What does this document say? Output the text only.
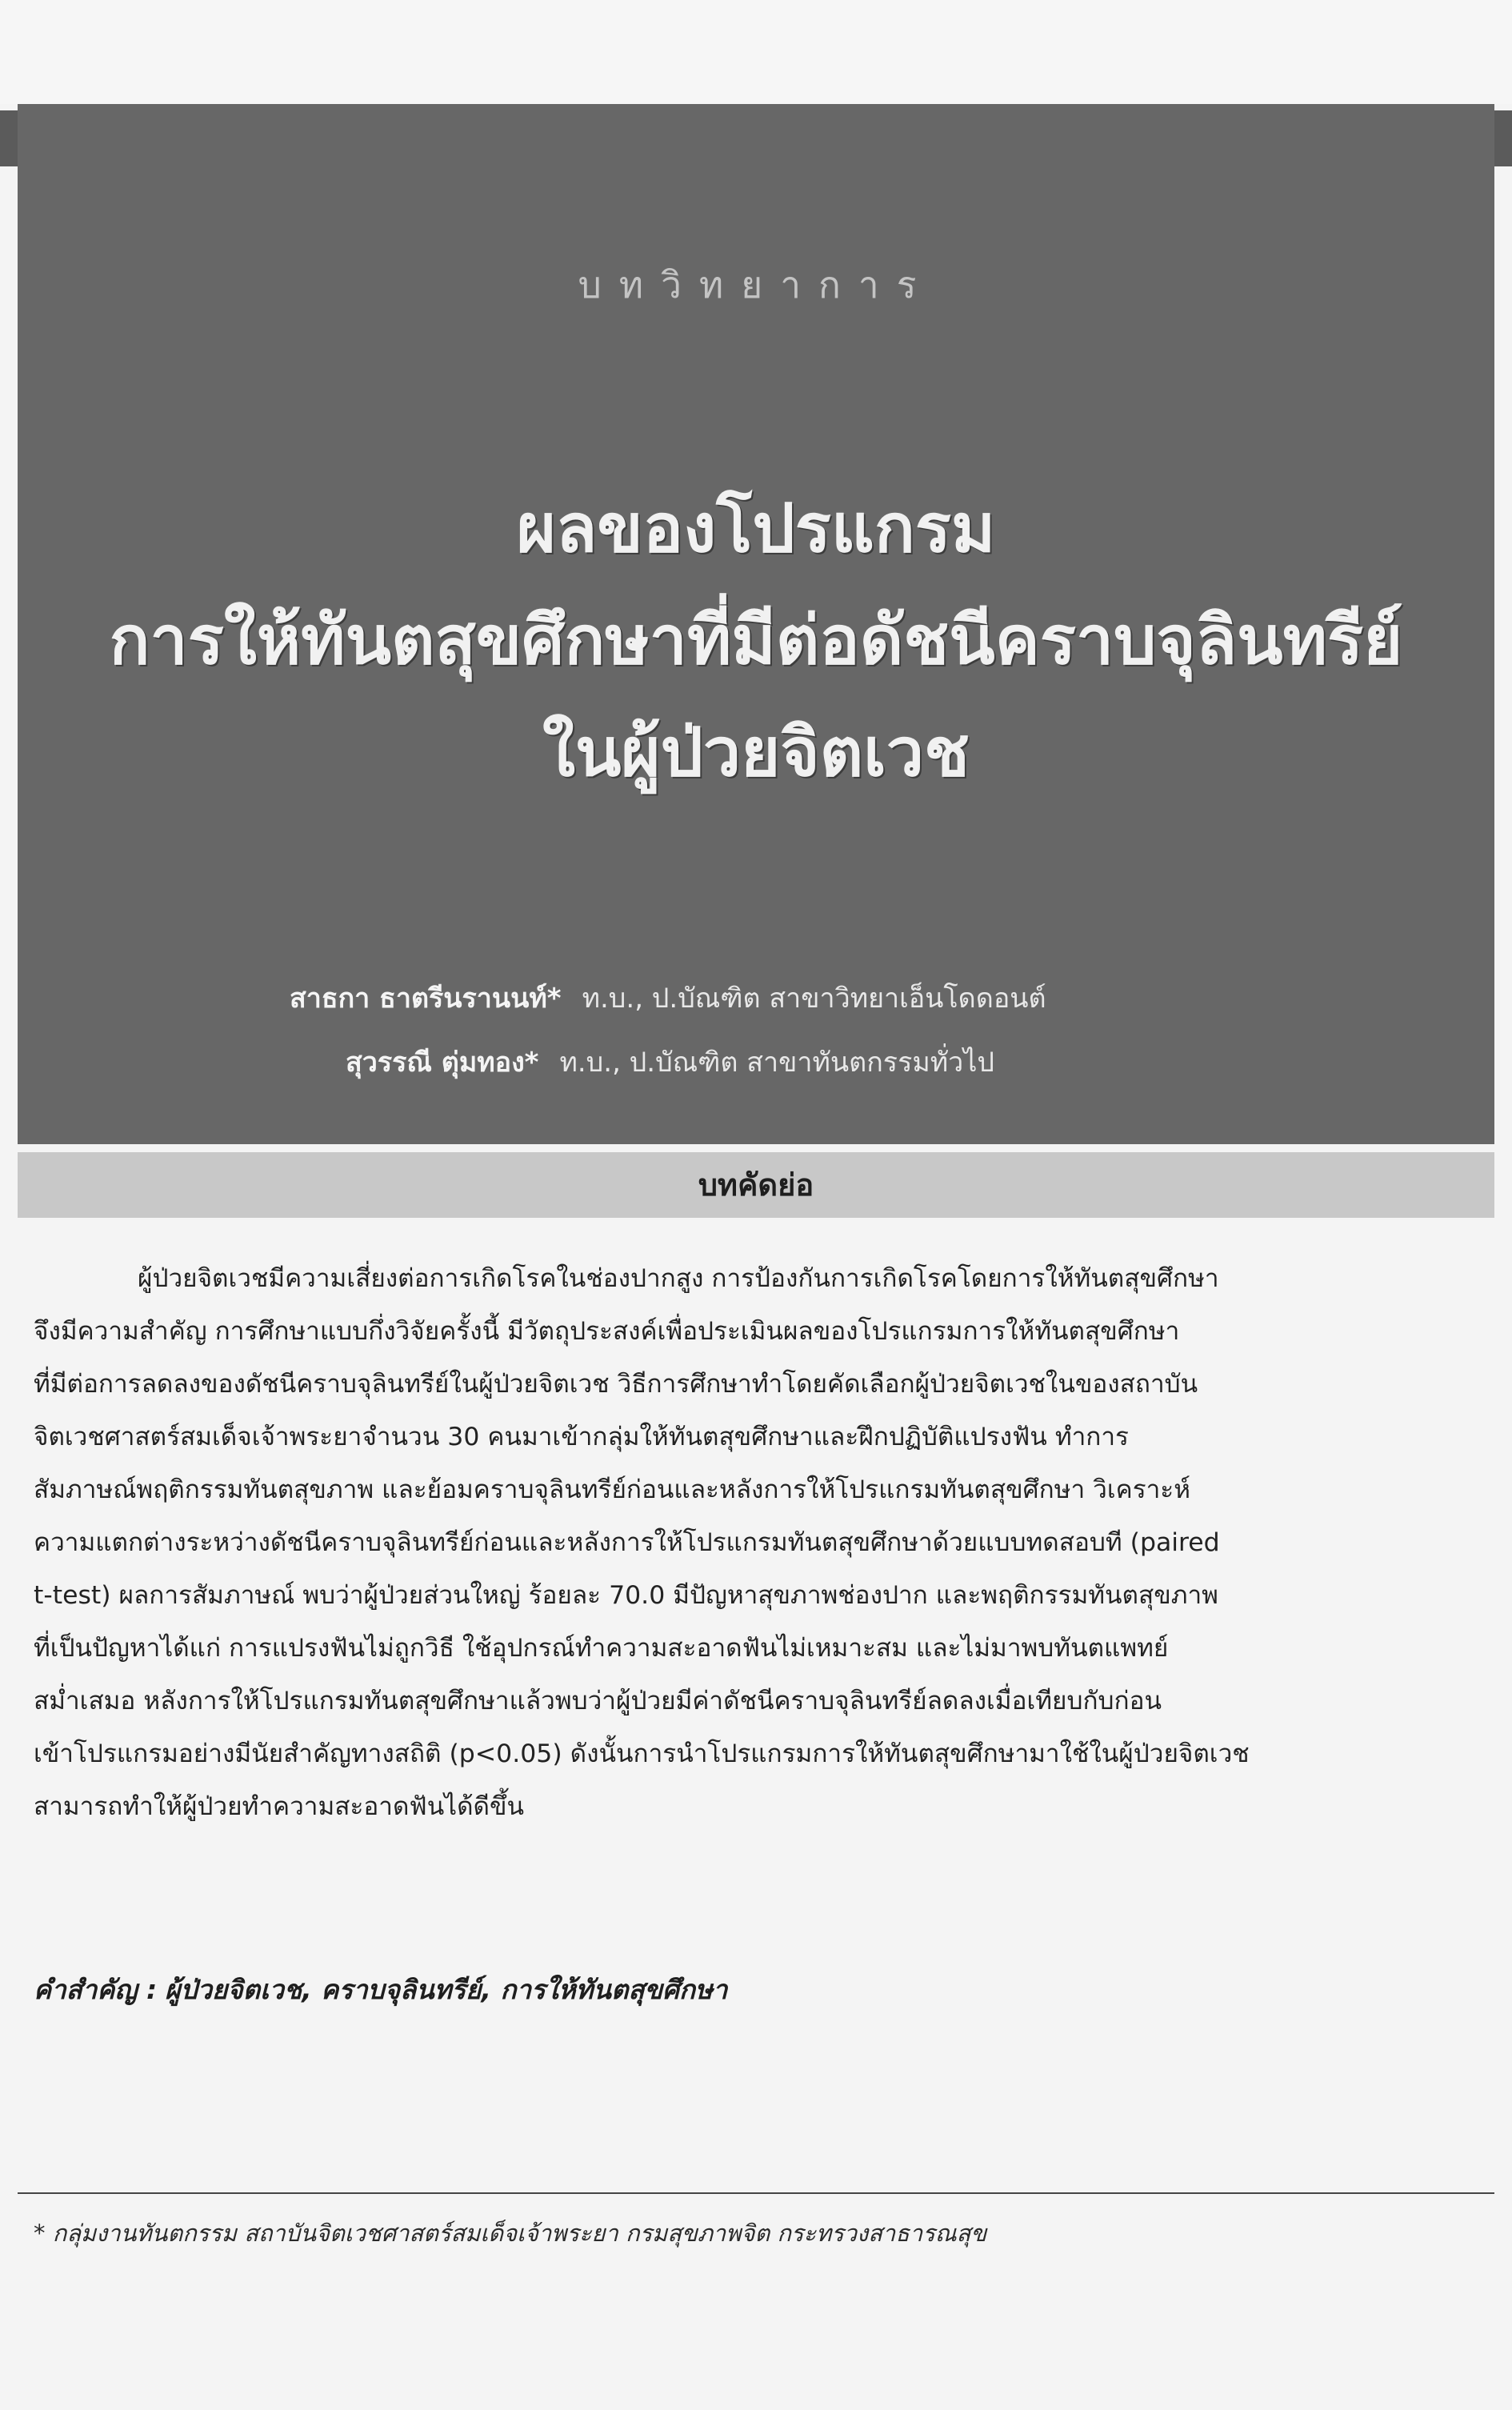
บทวิทยาการ
ผลของโปรแกรม
การให้ทันตสุขศึกษาที่มีต่อดัชนีคราบจุลินทรีย์
ในผู้ป่วยจิตเวช
สาธกา ธาตรีนรานนท์* ท.บ., ป.บัณฑิต สาขาวิทยาเอ็นโดดอนต์
สุวรรณี ตุ่มทอง* ท.บ., ป.บัณฑิต สาขาทันตกรรมทั่วไป
บทคัดย่อ
ผู้ป่วยจิตเวชมีความเสี่ยงต่อการเกิดโรคในช่องปากสูง การป้องกันการเกิดโรคโดยการให้ทันตสุขศึกษา
จึงมีความสำคัญ การศึกษาแบบกึ่งวิจัยครั้งนี้ มีวัตถุประสงค์เพื่อประเมินผลของโปรแกรมการให้ทันตสุขศึกษา
ที่มีต่อการลดลงของดัชนีคราบจุลินทรีย์ในผู้ป่วยจิตเวช วิธีการศึกษาทำโดยคัดเลือกผู้ป่วยจิตเวชในของสถาบัน
จิตเวชศาสตร์สมเด็จเจ้าพระยาจำนวน 30 คนมาเข้ากลุ่มให้ทันตสุขศึกษาและฝึกปฏิบัติแปรงฟัน ทำการ
สัมภาษณ์พฤติกรรมทันตสุขภาพ และย้อมคราบจุลินทรีย์ก่อนและหลังการให้โปรแกรมทันตสุขศึกษา วิเคราะห์
ความแตกต่างระหว่างดัชนีคราบจุลินทรีย์ก่อนและหลังการให้โปรแกรมทันตสุขศึกษาด้วยแบบทดสอบที (paired
t-test) ผลการสัมภาษณ์ พบว่าผู้ป่วยส่วนใหญ่ ร้อยละ 70.0 มีปัญหาสุขภาพช่องปาก และพฤติกรรมทันตสุขภาพ
ที่เป็นปัญหาได้แก่ การแปรงฟันไม่ถูกวิธี ใช้อุปกรณ์ทำความสะอาดฟันไม่เหมาะสม และไม่มาพบทันตแพทย์
สม่ำเสมอ หลังการให้โปรแกรมทันตสุขศึกษาแล้วพบว่าผู้ป่วยมีค่าดัชนีคราบจุลินทรีย์ลดลงเมื่อเทียบกับก่อน
เข้าโปรแกรมอย่างมีนัยสำคัญทางสถิติ (p<0.05) ดังนั้นการนำโปรแกรมการให้ทันตสุขศึกษามาใช้ในผู้ป่วยจิตเวช
สามารถทำให้ผู้ป่วยทำความสะอาดฟันได้ดีขึ้น
คำสำคัญ : ผู้ป่วยจิตเวช, คราบจุลินทรีย์, การให้ทันตสุขศึกษา
* กลุ่มงานทันตกรรม สถาบันจิตเวชศาสตร์สมเด็จเจ้าพระยา กรมสุขภาพจิต กระทรวงสาธารณสุข
